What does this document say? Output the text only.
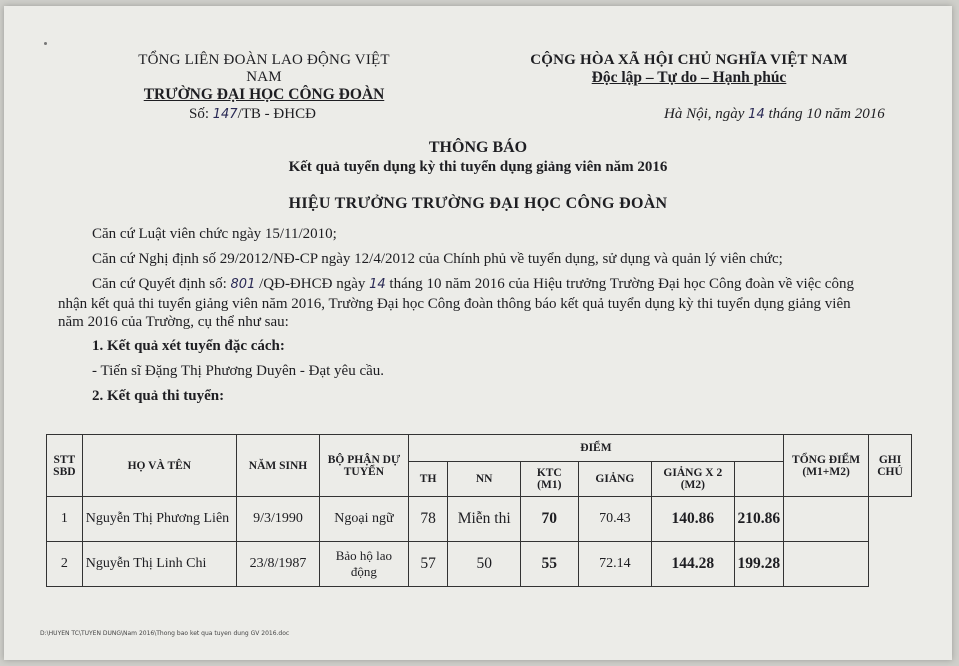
TỔNG LIÊN ĐOÀN LAO ĐỘNG VIỆT NAM
TRƯỜNG ĐẠI HỌC CÔNG ĐOÀN
CỘNG HÒA XÃ HỘI CHỦ NGHĨA VIỆT NAM
Độc lập – Tự do – Hạnh phúc
Số: 147/TB - ĐHCĐ	Hà Nội, ngày 14 tháng 10 năm 2016
THÔNG BÁO
Kết quả tuyển dụng kỳ thi tuyển dụng giảng viên năm 2016
HIỆU TRƯỞNG TRƯỜNG ĐẠI HỌC CÔNG ĐOÀN
Căn cứ Luật viên chức ngày 15/11/2010;
Căn cứ Nghị định số 29/2012/NĐ-CP ngày 12/4/2012 của Chính phủ về tuyển dụng, sử dụng và quản lý viên chức;
Căn cứ Quyết định số: 801 /QĐ-ĐHCĐ ngày 14 tháng 10 năm 2016 của Hiệu trưởng Trường Đại học Công đoàn về việc công
nhận kết quả thi tuyển giảng viên năm 2016, Trường Đại học Công đoàn thông báo kết quả tuyển dụng kỳ thi tuyển dụng giảng viên
năm 2016 của Trường, cụ thể như sau:
1. Kết quả xét tuyển đặc cách:
- Tiến sĩ Đặng Thị Phương Duyên - Đạt yêu cầu.
2. Kết quả thi tuyển:
STT SBD	HỌ VÀ TÊN	NĂM SINH	BỘ PHẬN DỰ TUYỂN	ĐIỂM						TỔNG ĐIỂM (M1+M2)	GHI CHÚ
				TH	NN	KTC (M1)	GIẢNG	GIẢNG X 2 (M2)			
1	Nguyễn Thị Phương Liên	9/3/1990	Ngoại ngữ	78	Miễn thi	70	70.43	140.86	210.86		
2	Nguyễn Thị Linh Chi	23/8/1987	Bảo hộ lao động	57	50	55	72.14	144.28	199.28		
D:\HUYEN TC\TUYEN DUNG\Nam 2016\Thong bao ket qua tuyen dung GV 2016.doc
